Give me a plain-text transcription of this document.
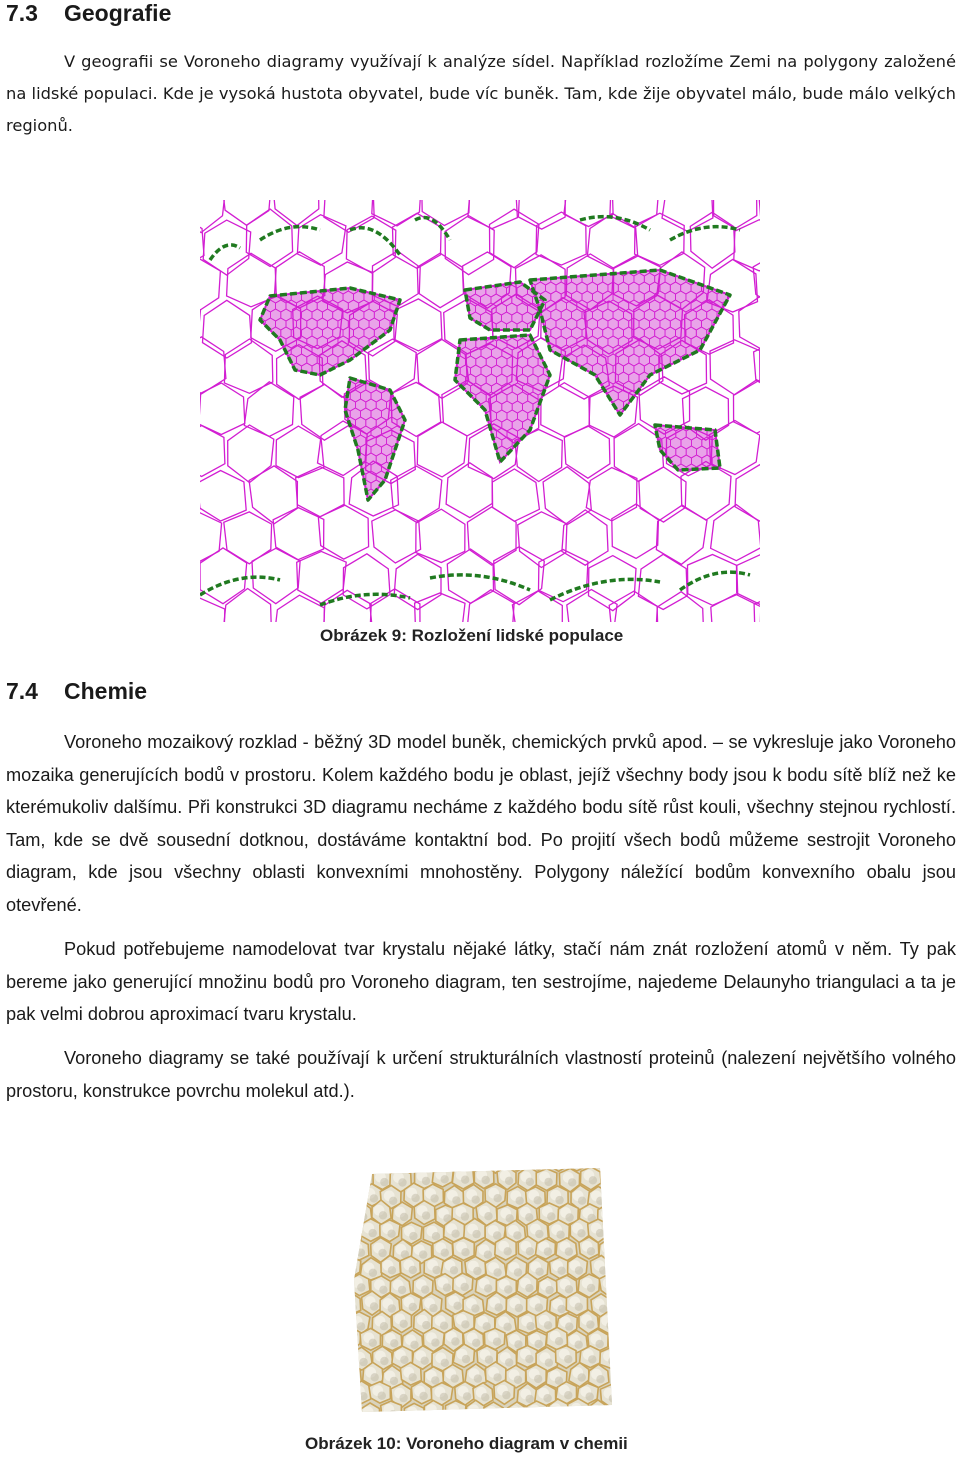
7.3 Geografie

V geografii se Voroneho diagramy využívají k analýze sídel. Například rozložíme Zemi na polygony založené na lidské populaci. Kde je vysoká hustota obyvatel, bude víc buněk. Tam, kde žije obyvatel málo, bude málo velkých regionů.

Obrázek 9: Rozložení lidské populace
7.4 Chemie

Voroneho mozaikový rozklad - běžný 3D model buněk, chemických prvků apod. – se vykresluje jako Voroneho mozaika generujících bodů v prostoru. Kolem každého bodu je oblast, jejíž všechny body jsou k bodu sítě blíž než ke kterémukoliv dalšímu. Při konstrukci 3D diagramu necháme z každého bodu sítě růst kouli, všechny stejnou rychlostí. Tam, kde se dvě sousední dotknou, dostáváme kontaktní bod. Po projití všech bodů můžeme sestrojit Voroneho diagram, kde jsou všechny oblasti konvexními mnohostěny. Polygony náležící bodům konvexního obalu jsou otevřené.

Pokud potřebujeme namodelovat tvar krystalu nějaké látky, stačí nám znát rozložení atomů v něm. Ty pak bereme jako generující množinu bodů pro Voroneho diagram, ten sestrojíme, najedeme Delaunyho triangulaci a ta je pak velmi dobrou aproximací tvaru krystalu.

Voroneho diagramy se také používají k určení strukturálních vlastností proteinů (nalezení největšího volného prostoru, konstrukce povrchu molekul atd.).

Obrázek 10: Voroneho diagram v chemii
